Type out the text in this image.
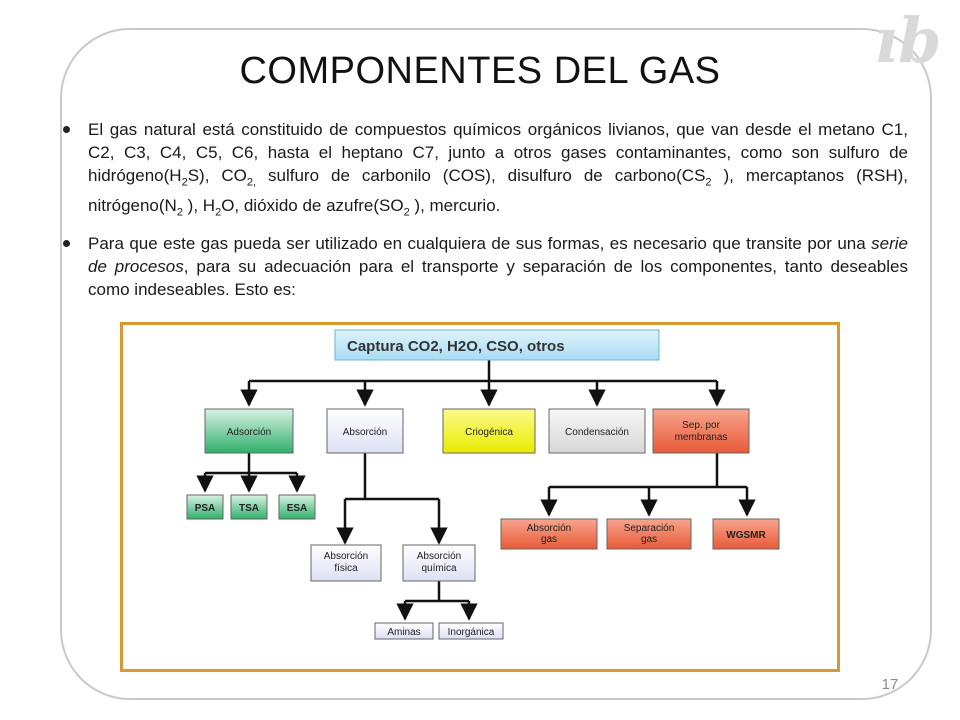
ıb
COMPONENTES DEL GAS
El gas natural está constituido de compuestos químicos orgánicos livianos, que van desde el metano C1, C2, C3, C4, C5, C6, hasta el heptano C7, junto a otros gases contaminantes, como son sulfuro de $hidrógeno(H_2S)$, $CO_{2,}$ sulfuro de carbonilo (COS), disulfuro de $carbono(CS_2$ ), mercaptanos (RSH), $nitrógeno(N_2$ ), $H_2O$, dióxido de $azufre(SO_2$ ), mercurio.
Para que este gas pueda ser utilizado en cualquiera de sus formas, es necesario que transite por una serie de procesos, para su adecuación para el transporte y separación de los componentes, tanto deseables como indeseables. Esto es:
Captura CO2, H2O, CSO, otros
Adsorción	Absorción	Criogénica	Condensación
Sep. por membranas
PSA TSA	ESA
Absorción física
Absorción química
Aminas	Inorgánica
Absorción gas
Separación gas	WGSMR
17
